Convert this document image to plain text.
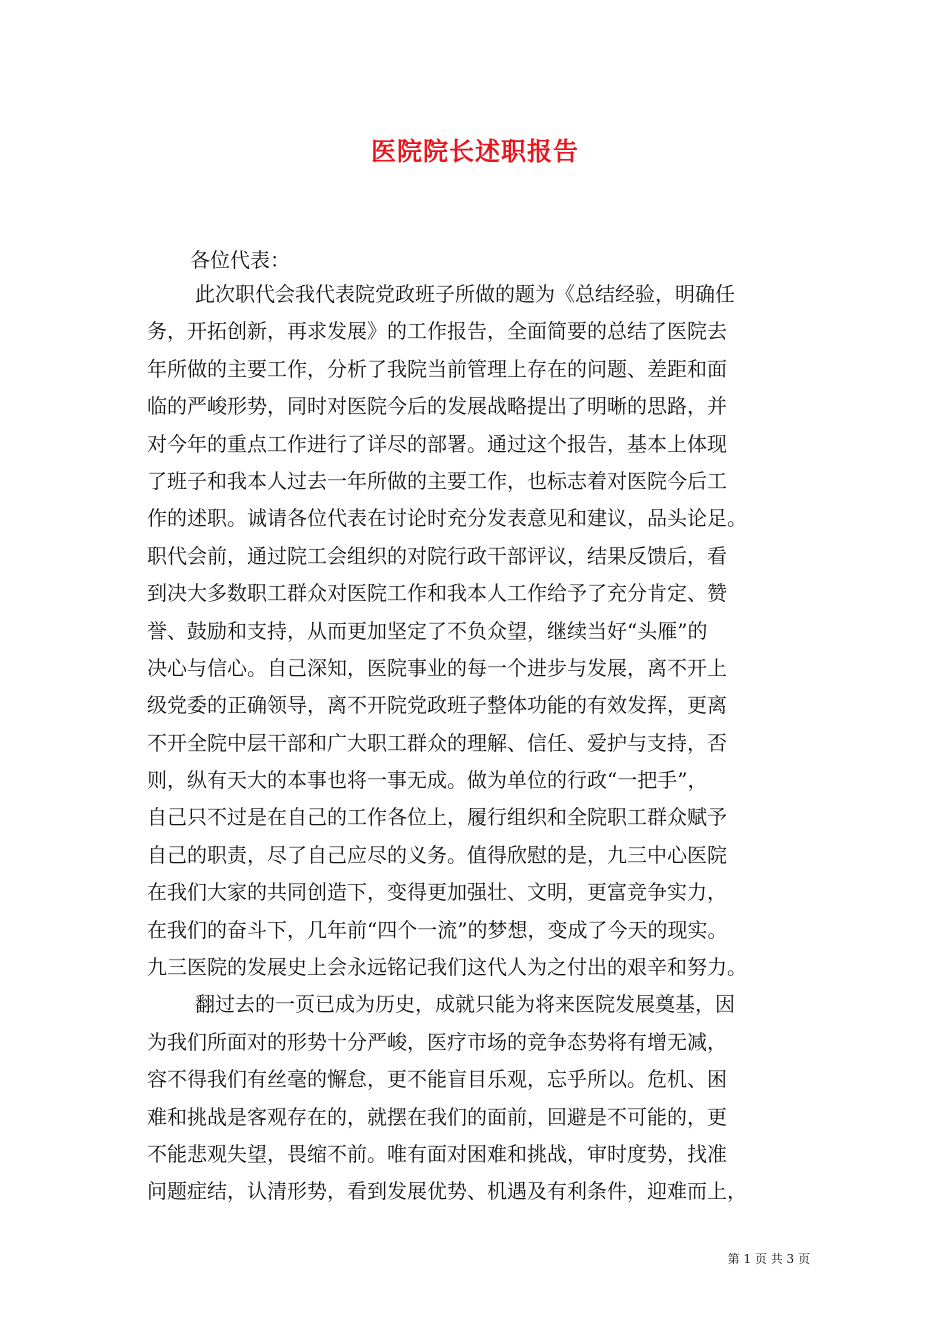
医院院长述职报告
各位代表：
此次职代会我代表院党政班子所做的题为《总结经验，明确任
务，开拓创新，再求发展》的工作报告，全面简要的总结了医院去
年所做的主要工作，分析了我院当前管理上存在的问题、差距和面
临的严峻形势，同时对医院今后的发展战略提出了明晰的思路，并
对今年的重点工作进行了详尽的部署。通过这个报告，基本上体现
了班子和我本人过去一年所做的主要工作，也标志着对医院今后工
作的述职。诚请各位代表在讨论时充分发表意见和建议，品头论足。
职代会前，通过院工会组织的对院行政干部评议，结果反馈后，看
到决大多数职工群众对医院工作和我本人工作给予了充分肯定、赞
誉、鼓励和支持，从而更加坚定了不负众望，继续当好“头雁”的
决心与信心。自己深知，医院事业的每一个进步与发展，离不开上
级党委的正确领导，离不开院党政班子整体功能的有效发挥，更离
不开全院中层干部和广大职工群众的理解、信任、爱护与支持，否
则，纵有天大的本事也将一事无成。做为单位的行政“一把手”，
自己只不过是在自己的工作各位上，履行组织和全院职工群众赋予
自己的职责，尽了自己应尽的义务。值得欣慰的是，九三中心医院
在我们大家的共同创造下，变得更加强壮、文明，更富竞争实力，
在我们的奋斗下，几年前“四个一流”的梦想，变成了今天的现实。
九三医院的发展史上会永远铭记我们这代人为之付出的艰辛和努力。
翻过去的一页已成为历史，成就只能为将来医院发展奠基，因
为我们所面对的形势十分严峻，医疗市场的竞争态势将有增无减，
容不得我们有丝毫的懈怠，更不能盲目乐观，忘乎所以。危机、困
难和挑战是客观存在的，就摆在我们的面前，回避是不可能的，更
不能悲观失望，畏缩不前。唯有面对困难和挑战，审时度势，找准
问题症结，认清形势，看到发展优势、机遇及有利条件，迎难而上，
第 1 页 共 3 页
